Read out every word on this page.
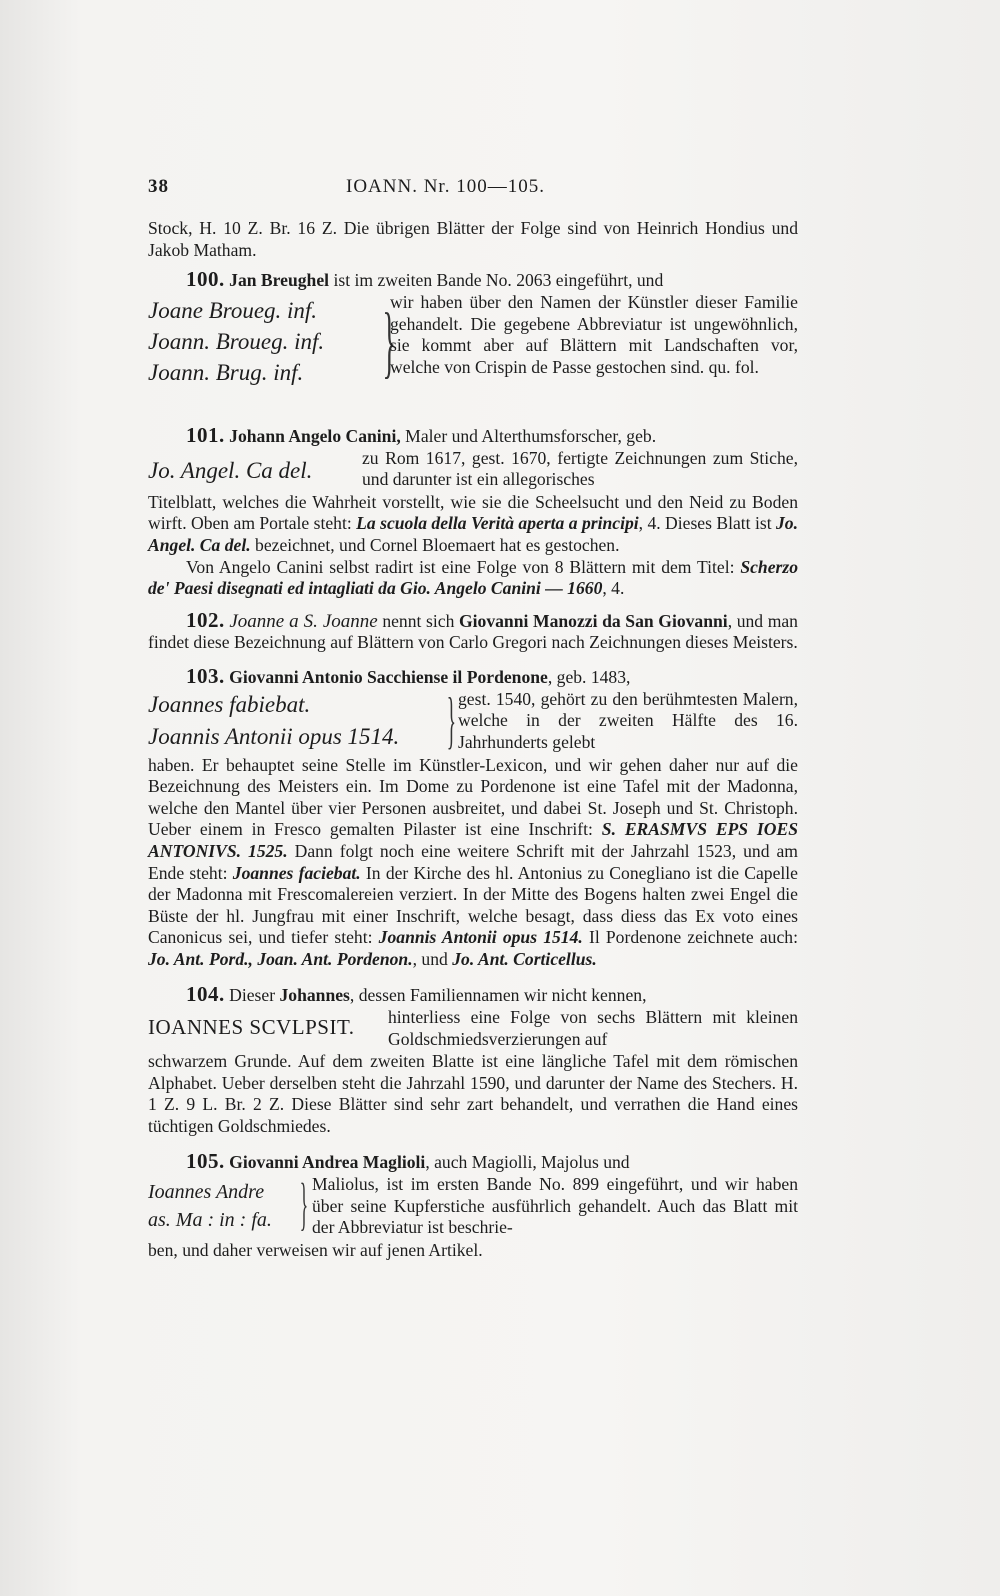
38	IOANN. Nr. 100—105.

Stock, H. 10 Z. Br. 16 Z. Die übrigen Blätter der Folge sind von Heinrich Hondius und Jakob Matham.

100. Jan Breughel ist im zweiten Bande No. 2063 eingeführt, und
Joane Broueg. inf.
Joann. Broueg. inf.
Joann. Brug. inf. }
wir haben über den Namen der Künstler dieser Familie gehandelt. Die gegebene Abbreviatur ist ungewöhnlich, sie kommt aber auf Blättern mit Landschaften vor, welche von Crispin de Passe gestochen sind. qu. fol.
101. Johann Angelo Canini, Maler und Alterthumsforscher, geb.
Jo. Angel. Ca del.	zu Rom 1617, gest. 1670, fertigte Zeichnungen zum Stiche, und darunter ist ein allegorisches

Titelblatt, welches die Wahrheit vorstellt, wie sie die Scheelsucht und den Neid zu Boden wirft. Oben am Portale steht: La scuola della Verità aperta a principi, 4. Dieses Blatt ist Jo. Angel. Ca del. bezeichnet, und Cornel Bloemaert hat es gestochen.

Von Angelo Canini selbst radirt ist eine Folge von 8 Blättern mit dem Titel: Scherzo de' Paesi disegnati ed intagliati da Gio. Angelo Canini — 1660, 4.

102. Joanne a S. Joanne nennt sich Giovanni Manozzi da San Giovanni, und man findet diese Bezeichnung auf Blättern von Carlo Gregori nach Zeichnungen dieses Meisters.

103. Giovanni Antonio Sacchiense il Pordenone, geb. 1483,
Joannes fabiebat.
Joannis Antonii opus 1514. } gest. 1540, gehört zu den berühmtesten Malern, welche in der zweiten Hälfte des 16. Jahrhunderts gelebt

haben. Er behauptet seine Stelle im Künstler-Lexicon, und wir gehen daher nur auf die Bezeichnung des Meisters ein. Im Dome zu Pordenone ist eine Tafel mit der Madonna, welche den Mantel über vier Personen ausbreitet, und dabei St. Joseph und St. Christoph. Ueber einem in Fresco gemalten Pilaster ist eine Inschrift: S. ERASMVS EPS IOES ANTONIVS. 1525. Dann folgt noch eine weitere Schrift mit der Jahrzahl 1523, und am Ende steht: Joannes faciebat. In der Kirche des hl. Antonius zu Conegliano ist die Capelle der Madonna mit Frescomalereien verziert. In der Mitte des Bogens halten zwei Engel die Büste der hl. Jungfrau mit einer Inschrift, welche besagt, dass diess das Ex voto eines Canonicus sei, und tiefer steht: Joannis Antonii opus 1514. Il Pordenone zeichnete auch: Jo. Ant. Pord., Joan. Ant. Pordenon., und Jo. Ant. Corticellus.

104. Dieser Johannes, dessen Familiennamen wir nicht kennen,
IOANNES SCVLPSIT. hinterliess eine Folge von sechs Blättern mit kleinen Goldschmiedsverzierungen auf

schwarzem Grunde. Auf dem zweiten Blatte ist eine längliche Tafel mit dem römischen Alphabet. Ueber derselben steht die Jahrzahl 1590, und darunter der Name des Stechers. H. 1 Z. 9 L. Br. 2 Z. Diese Blätter sind sehr zart behandelt, und verrathen die Hand eines tüchtigen Goldschmiedes.

105. Giovanni Andrea Maglioli, auch Magiolli, Majolus und
Ioannes Andre
as. Ma : in : fa. } Maliolus, ist im ersten Bande No. 899 eingeführt, und wir haben über seine Kupferstiche ausführlich gehandelt. Auch das Blatt mit der Abbreviatur ist beschrie-

ben, und daher verweisen wir auf jenen Artikel.
